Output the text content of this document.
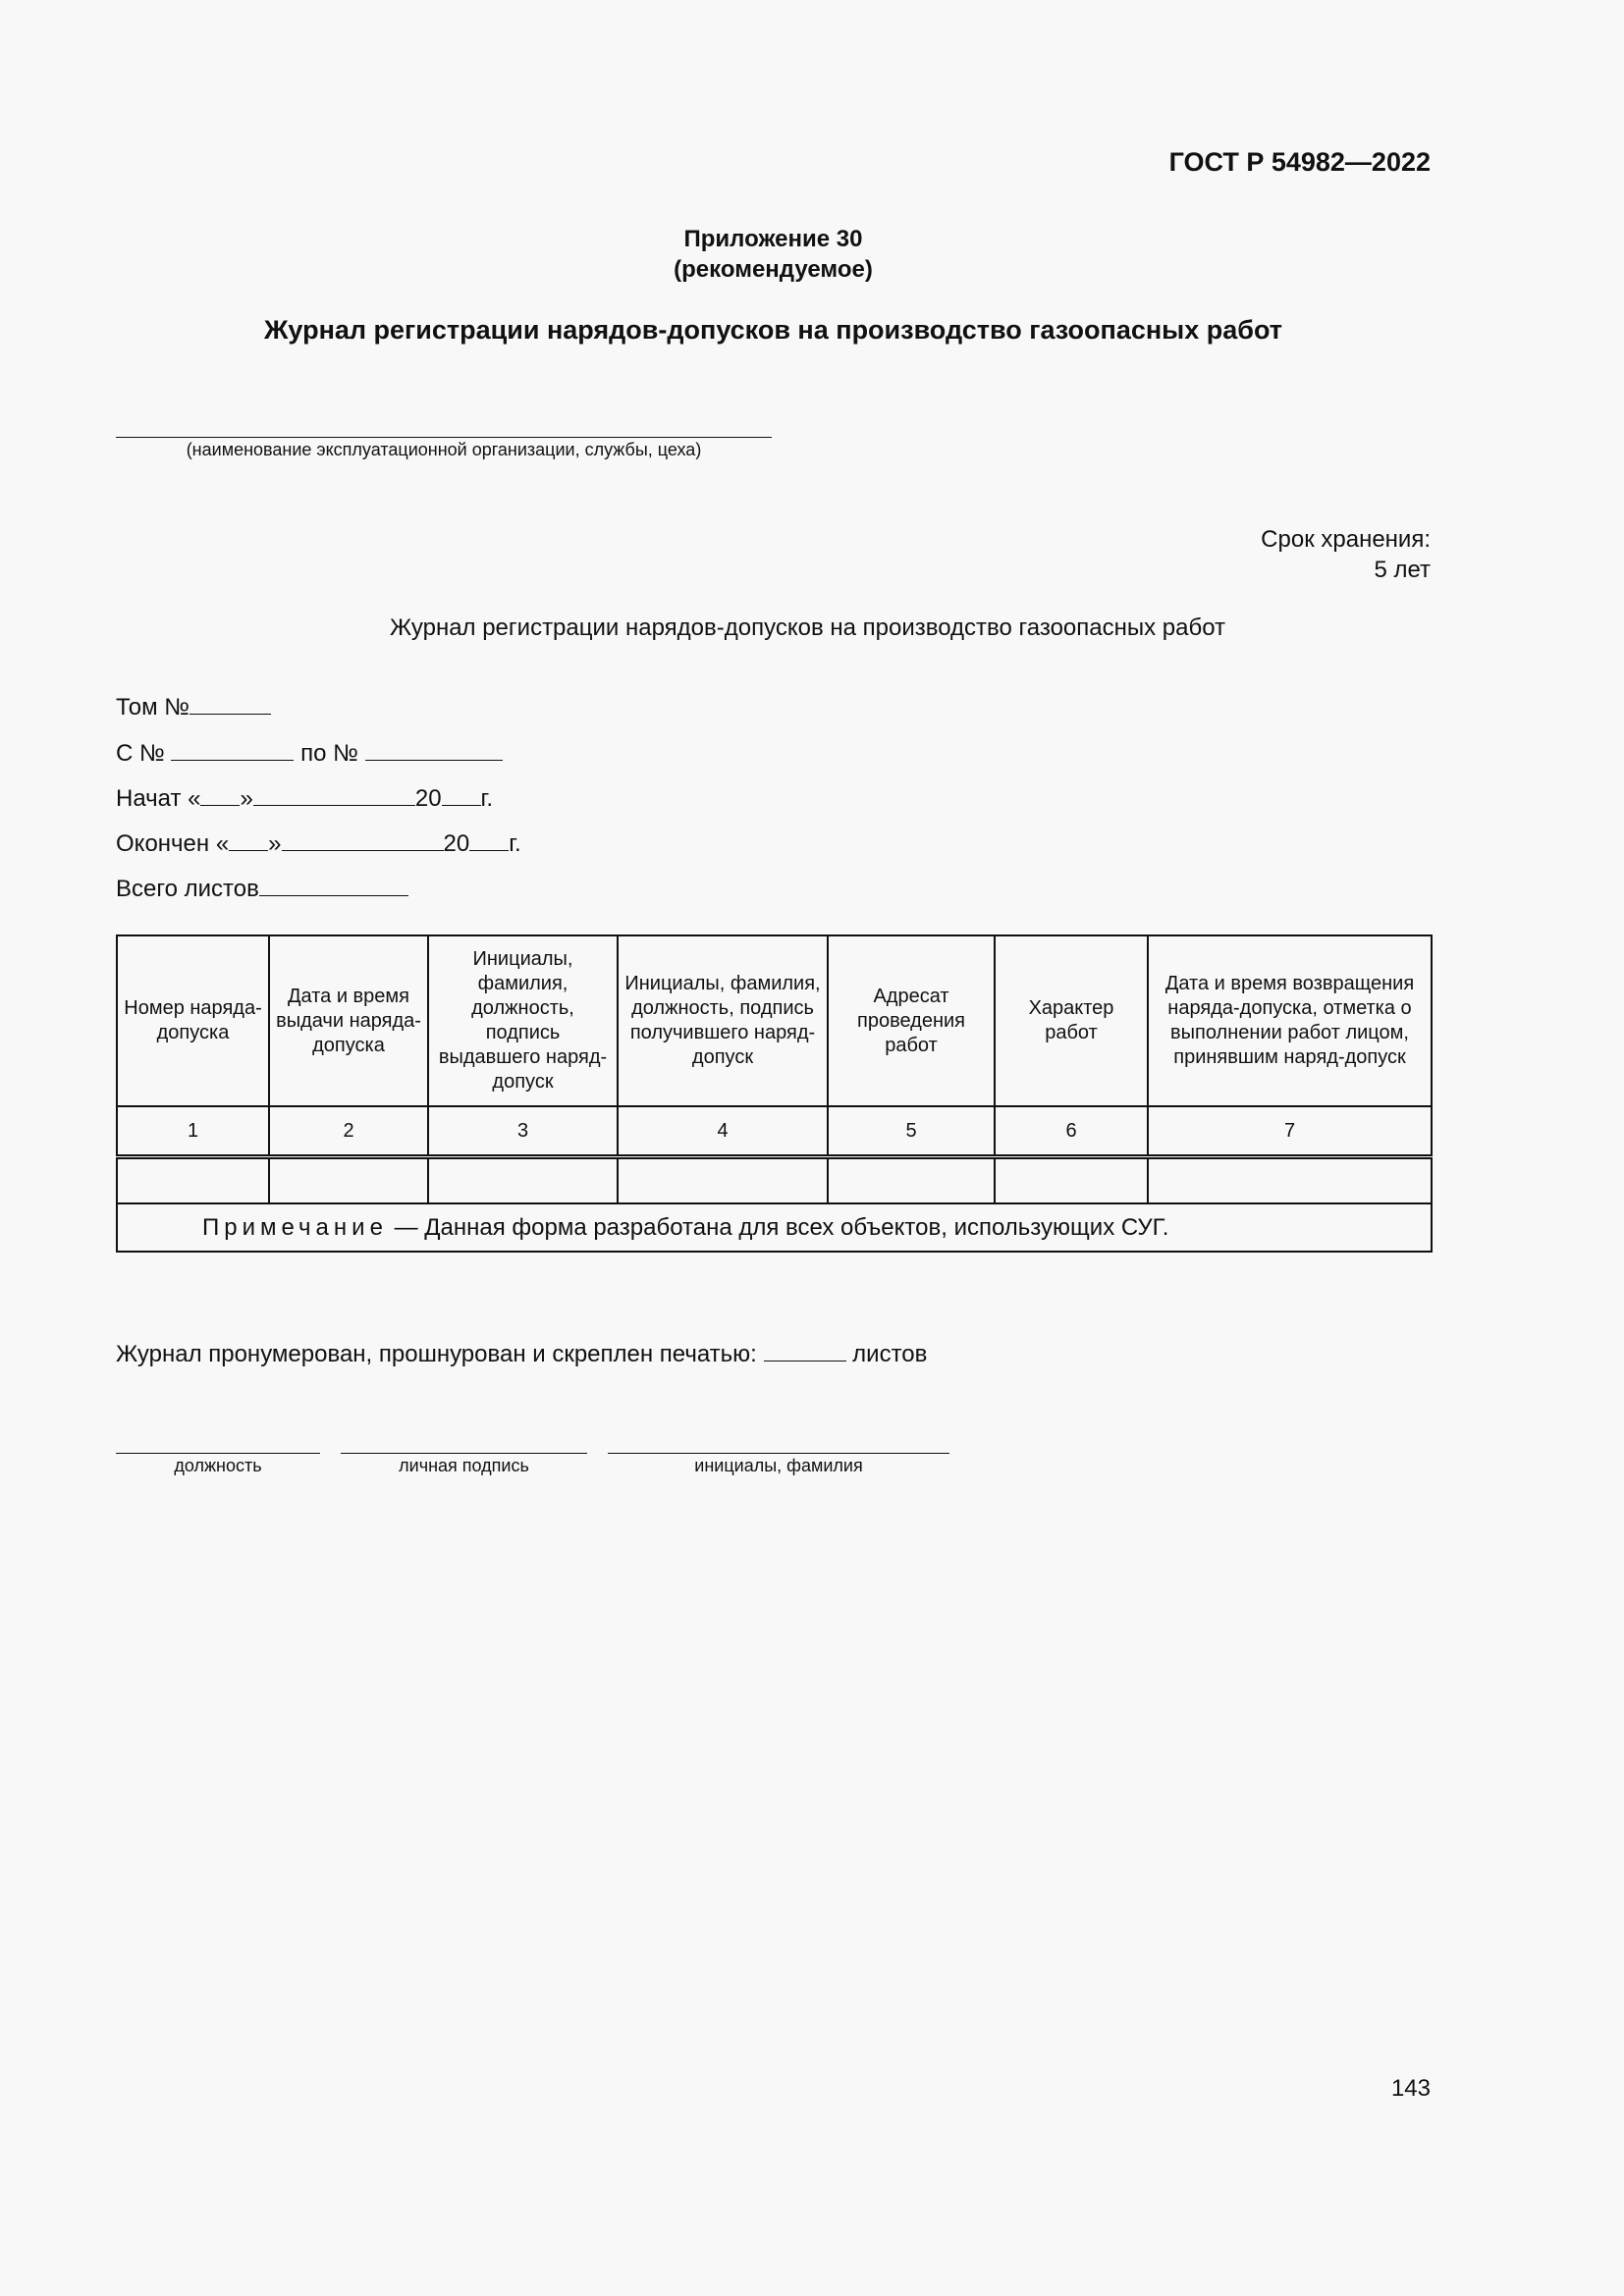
ГОСТ Р 54982—2022
Приложение 30
(рекомендуемое)
Журнал регистрации нарядов-допусков на производство газоопасных работ
(наименование эксплуатационной организации, службы, цеха)
Срок хранения:
5 лет
Журнал регистрации нарядов-допусков на производство газоопасных работ
Том №
С №	по №
Начат « »	20 г.
Окончен « »	20 г.
Всего листов
Номер наряда-допуска	Дата и время выдачи наряда-допуска	Инициалы, фамилия, должность, подпись выдавшего наряд-допуск	Инициалы, фамилия, должность, подпись получившего наряд-допуск	Адресат проведения работ	Характер работ	Дата и время возвращения наряда-допуска, отметка о выполнении работ лицом, принявшим наряд-допуск
1	2	3	4	5	6	7

Примечание — Данная форма разработана для всех объектов, использующих СУГ.						
Журнал пронумерован, прошнурован и скреплен печатью:	листов
должность	личная подпись	инициалы, фамилия
143
